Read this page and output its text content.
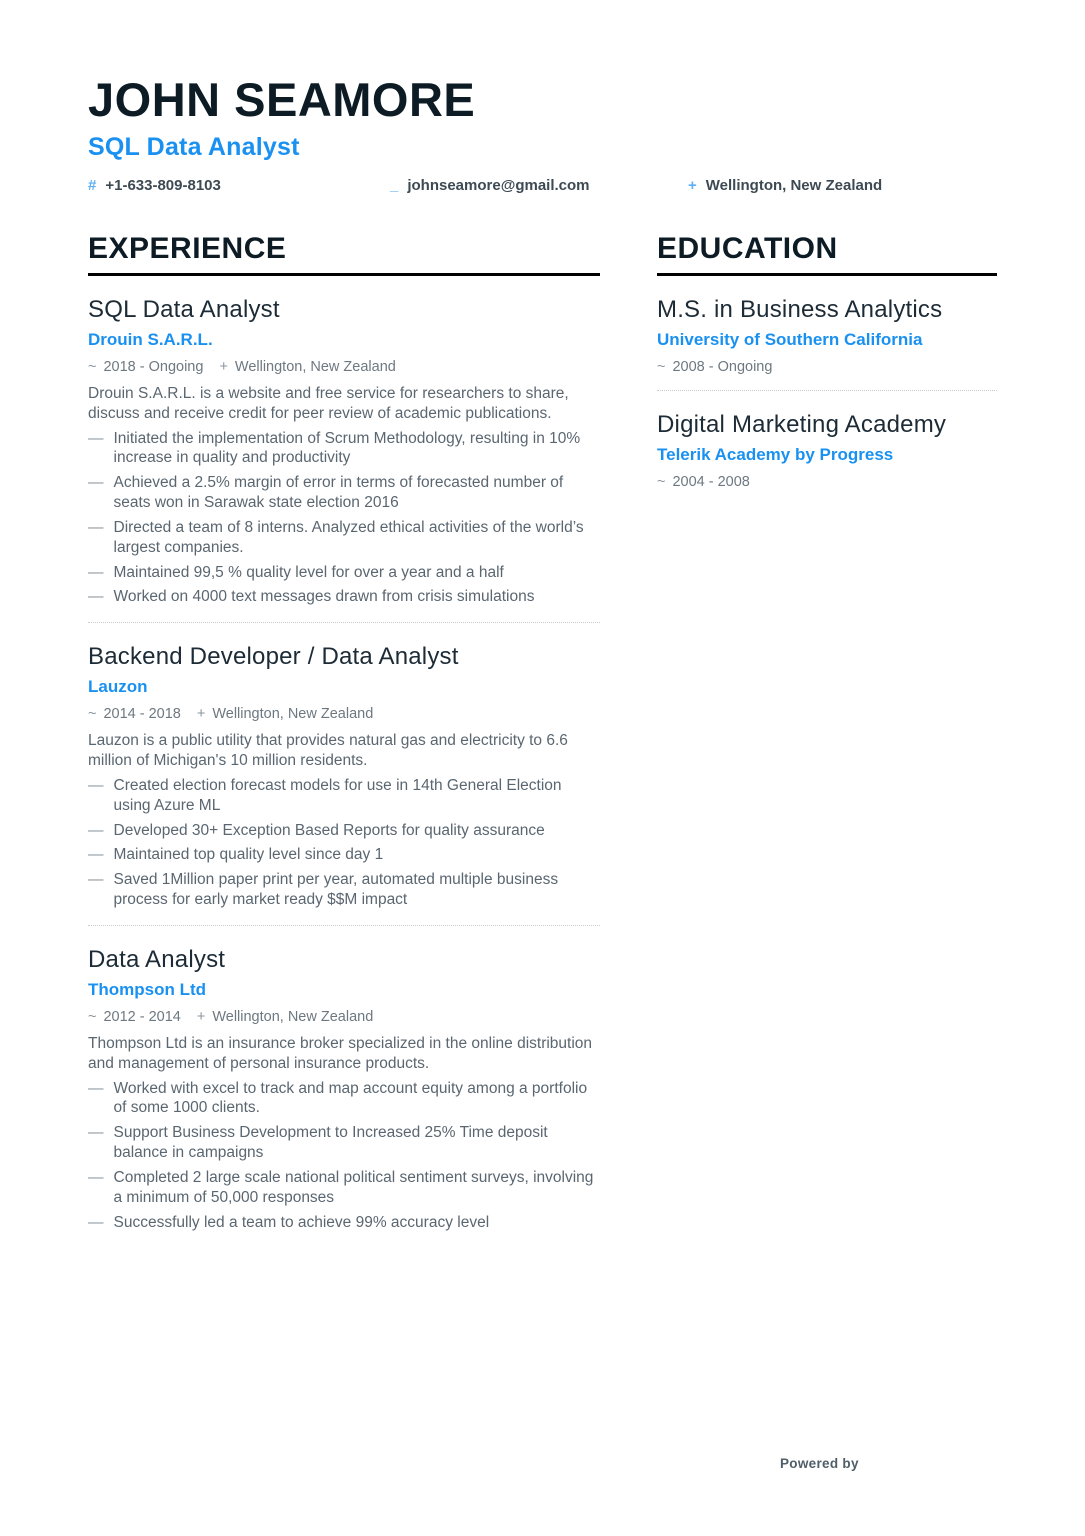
JOHN SEAMORE
SQL Data Analyst
# +1-633-809-8103	_ johnseamore@gmail.com	+ Wellington, New Zealand
EXPERIENCE
SQL Data Analyst
Drouin S.A.R.L.
~ 2018 - Ongoing + Wellington, New Zealand
Drouin S.A.R.L. is a website and free service for researchers to share, discuss and receive credit for peer review of academic publications.
— Initiated the implementation of Scrum Methodology, resulting in 10% increase in quality and productivity
— Achieved a 2.5% margin of error in terms of forecasted number of seats won in Sarawak state election 2016
— Directed a team of 8 interns. Analyzed ethical activities of the world’s largest companies.
— Maintained 99,5 % quality level for over a year and a half
— Worked on 4000 text messages drawn from crisis simulations
Backend Developer / Data Analyst
Lauzon
~ 2014 - 2018 + Wellington, New Zealand
Lauzon is a public utility that provides natural gas and electricity to 6.6 million of Michigan's 10 million residents.
— Created election forecast models for use in 14th General Election using Azure ML
— Developed 30+ Exception Based Reports for quality assurance
— Maintained top quality level since day 1
— Saved 1Million paper print per year, automated multiple business process for early market ready $$M impact
Data Analyst
Thompson Ltd
~ 2012 - 2014 + Wellington, New Zealand
Thompson Ltd is an insurance broker specialized in the online distribution and management of personal insurance products.
— Worked with excel to track and map account equity among a portfolio of some 1000 clients.
— Support Business Development to Increased 25% Time deposit balance in campaigns
— Completed 2 large scale national political sentiment surveys, involving a minimum of 50,000 responses
— Successfully led a team to achieve 99% accuracy level
EDUCATION
M.S. in Business Analytics
University of Southern California
~ 2008 - Ongoing
Digital Marketing Academy
Telerik Academy by Progress
~ 2004 - 2008
Powered by
